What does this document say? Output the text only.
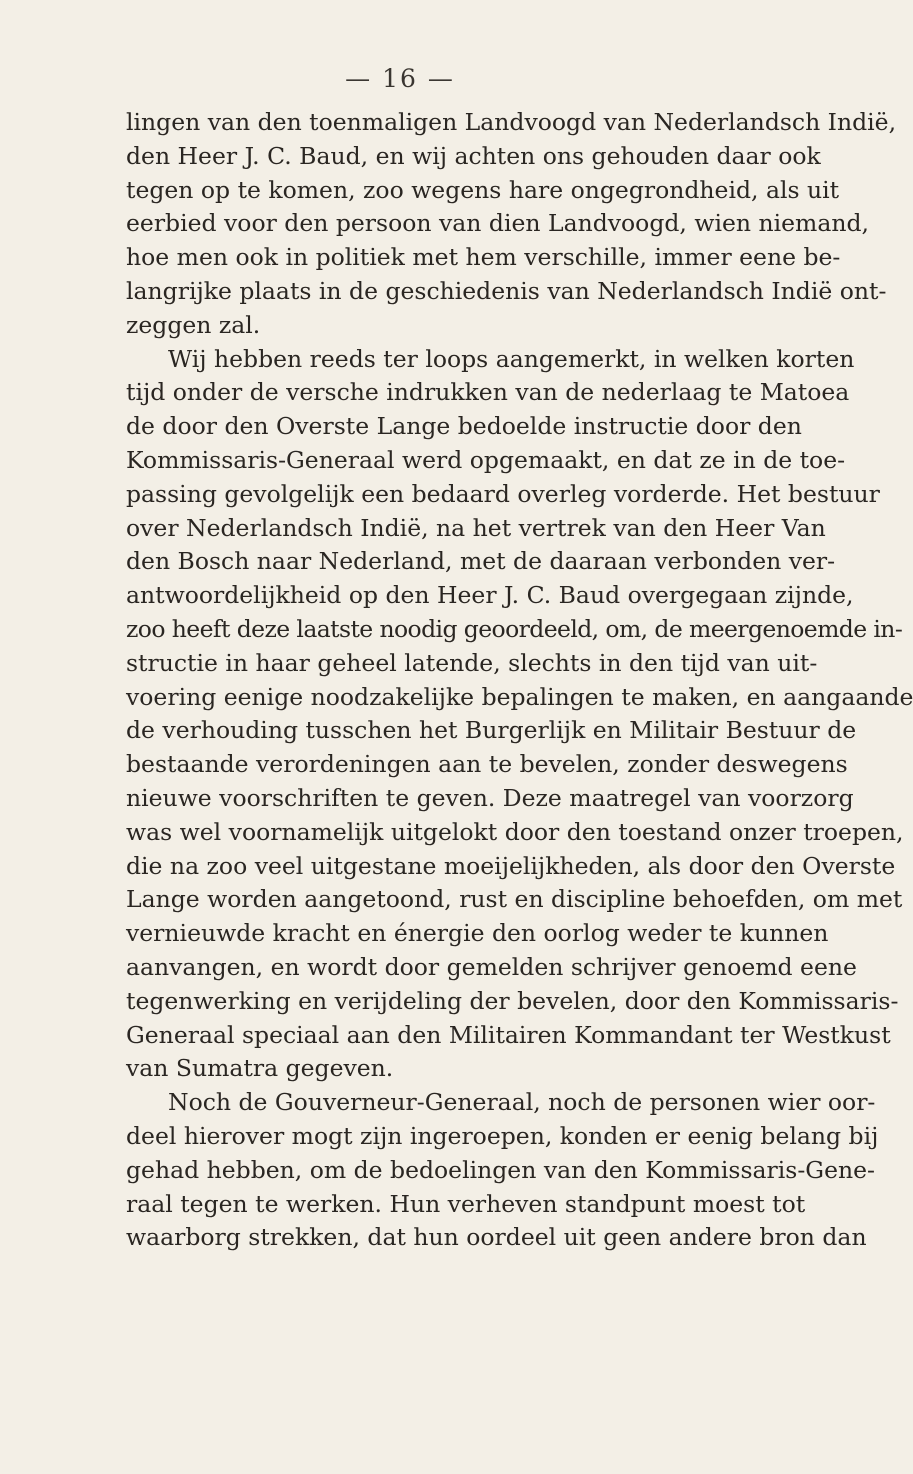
— 16 —
lingen van den toenmaligen Landvoogd van Nederlandsch Indië,
den Heer J. C. Baud, en wij achten ons gehouden daar ook
tegen op te komen, zoo wegens hare ongegrondheid, als uit
eerbied voor den persoon van dien Landvoogd, wien niemand,
hoe men ook in politiek met hem verschille, immer eene be-
langrijke plaats in de geschiedenis van Nederlandsch Indië ont-
zeggen zal.
Wij hebben reeds ter loops aangemerkt, in welken korten
tijd onder de versche indrukken van de nederlaag te Matoea
de door den Overste Lange bedoelde instructie door den
Kommissaris-Generaal werd opgemaakt, en dat ze in de toe-
passing gevolgelijk een bedaard overleg vorderde. Het bestuur
over Nederlandsch Indië, na het vertrek van den Heer Van
den Bosch naar Nederland, met de daaraan verbonden ver-
antwoordelijkheid op den Heer J. C. Baud overgegaan zijnde,
zoo heeft deze laatste noodig geoordeeld, om, de meergenoemde in-
structie in haar geheel latende, slechts in den tijd van uit-
voering eenige noodzakelijke bepalingen te maken, en aangaande
de verhouding tusschen het Burgerlijk en Militair Bestuur de
bestaande verordeningen aan te bevelen, zonder deswegens
nieuwe voorschriften te geven. Deze maatregel van voorzorg
was wel voornamelijk uitgelokt door den toestand onzer troepen,
die na zoo veel uitgestane moeijelijkheden, als door den Overste
Lange worden aangetoond, rust en discipline behoefden, om met
vernieuwde kracht en énergie den oorlog weder te kunnen
aanvangen, en wordt door gemelden schrijver genoemd eene
tegenwerking en verijdeling der bevelen, door den Kommissaris-
Generaal speciaal aan den Militairen Kommandant ter Westkust
van Sumatra gegeven.
Noch de Gouverneur-Generaal, noch de personen wier oor-
deel hierover mogt zijn ingeroepen, konden er eenig belang bij
gehad hebben, om de bedoelingen van den Kommissaris-Gene-
raal tegen te werken. Hun verheven standpunt moest tot
waarborg strekken, dat hun oordeel uit geen andere bron dan
